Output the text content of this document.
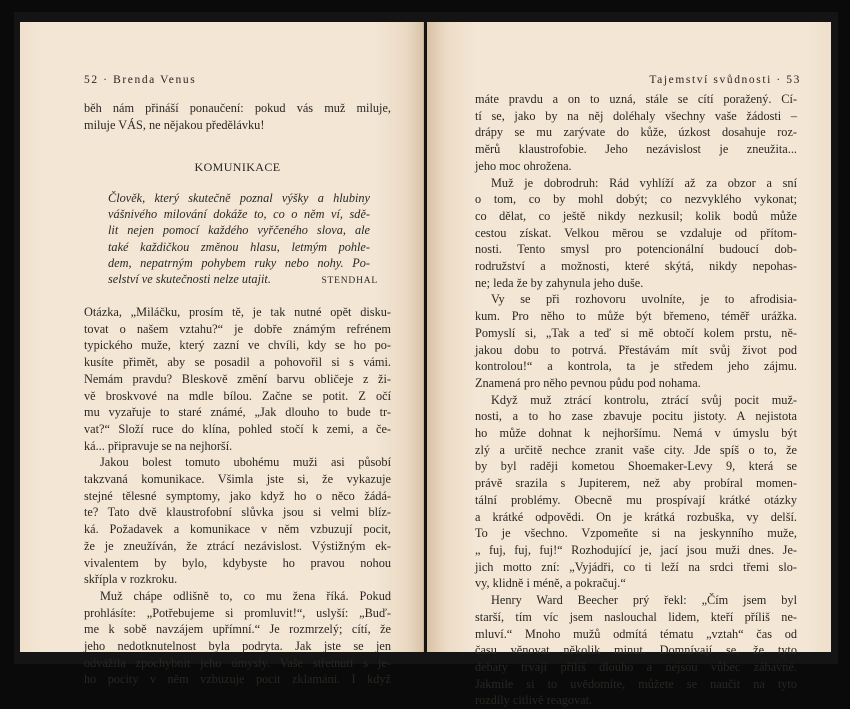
52 · Brenda Venus
běh nám přináší ponaučení: pokud vás muž miluje,
miluje VÁS, ne nějakou předělávku!
KOMUNIKACE
Člověk, který skutečně poznal výšky a hlubiny
vášnivého milování dokáže to, co o něm ví, sdě-
lit nejen pomocí každého vyřčeného slova, ale
také každičkou změnou hlasu, letmým pohle-
dem, nepatrným pohybem ruky nebo nohy. Po-
selství ve skutečnosti nelze utajit.	STENDHAL
Otázka, „Miláčku, prosím tě, je tak nutné opět disku-
tovat o našem vztahu?“ je dobře známým refrénem
typického muže, který zazní ve chvíli, kdy se ho po-
kusíte přimět, aby se posadil a pohovořil si s vámi.
Nemám pravdu? Bleskově změní barvu obličeje z ži-
vě broskvové na mdle bílou. Začne se potit. Z očí
mu vyzařuje to staré známé, „Jak dlouho to bude tr-
vat?“ Složí ruce do klína, pohled stočí k zemi, a če-
ká... připravuje se na nejhorší.
Jakou bolest tomuto ubohému muži asi působí
takzvaná komunikace. Všimla jste si, že vykazuje
stejné tělesné symptomy, jako když ho o něco žádá-
te? Tato dvě klaustrofobní slůvka jsou si velmi blíz-
ká. Požadavek a komunikace v něm vzbuzují pocit,
že je zneužíván, že ztrácí nezávislost. Výstižným ek-
vivalentem by bylo, kdybyste ho pravou nohou
skřípla v rozkroku.
Muž chápe odlišně to, co mu žena říká. Pokud
prohlásíte: „Potřebujeme si promluvit!“, uslyší: „Buď-
me k sobě navzájem upřímní.“ Je rozmrzelý; cítí, že
jeho nedotknutelnost byla podryta. Jak jste se jen
odvážila zpochybnit jeho úmysly. Vaše střetnutí s je-
ho pocity v něm vzbuzuje pocit zklamání. I když
Tajemství svůdnosti · 53
máte pravdu a on to uzná, stále se cítí poražený. Cí-
tí se, jako by na něj doléhaly všechny vaše žádosti –
drápy se mu zarývate do kůže, úzkost dosahuje roz-
měrů klaustrofobie. Jeho nezávislost je zneužita...
jeho moc ohrožena.
Muž je dobrodruh: Rád vyhlíží až za obzor a sní
o tom, co by mohl dobýt; co nezvyklého vykonat;
co dělat, co ještě nikdy nezkusil; kolik bodů může
cestou získat. Velkou měrou se vzdaluje od přítom-
nosti. Tento smysl pro potencionální budoucí dob-
rodružství a možnosti, které skýtá, nikdy nepohas-
ne; leda že by zahynula jeho duše.
Vy se při rozhovoru uvolníte, je to afrodisia-
kum. Pro něho to může být břemeno, téměř urážka.
Pomyslí si, „Tak a teď si mě obtočí kolem prstu, ně-
jakou dobu to potrvá. Přestávám mít svůj život pod
kontrolou!“ a kontrola, ta je středem jeho zájmu.
Znamená pro něho pevnou půdu pod nohama.
Když muž ztrácí kontrolu, ztrácí svůj pocit muž-
nosti, a to ho zase zbavuje pocitu jistoty. A nejistota
ho může dohnat k nejhoršímu. Nemá v úmyslu být
zlý a určitě nechce zranit vaše city. Jde spíš o to, že
by byl raději kometou Shoemaker-Levy 9, která se
právě srazila s Jupiterem, než aby probíral momen-
tální problémy. Obecně mu prospívají krátké otázky
a krátké odpovědi. On je krátká rozbuška, vy delší.
To je všechno. Vzpomeňte si na jeskynního muže,
„ fuj, fuj, fuj!“ Rozhodující je, jací jsou muži dnes. Je-
jich motto zní: „Vyjádři, co ti leží na srdci třemi slo-
vy, klidně i méně, a pokračuj.“
Henry Ward Beecher prý řekl: „Čím jsem byl
starší, tím víc jsem naslouchal lidem, kteří příliš ne-
mluví.“ Mnoho mužů odmítá tématu „vztah“ čas od
času věnovat několik minut. Domnívají se, že tyto
debaty trvají příliš dlouho a nejsou vůbec zábavné.
Jakmile si to uvědomíte, můžete se naučit na tyto
rozdíly citlivě reagovat.
